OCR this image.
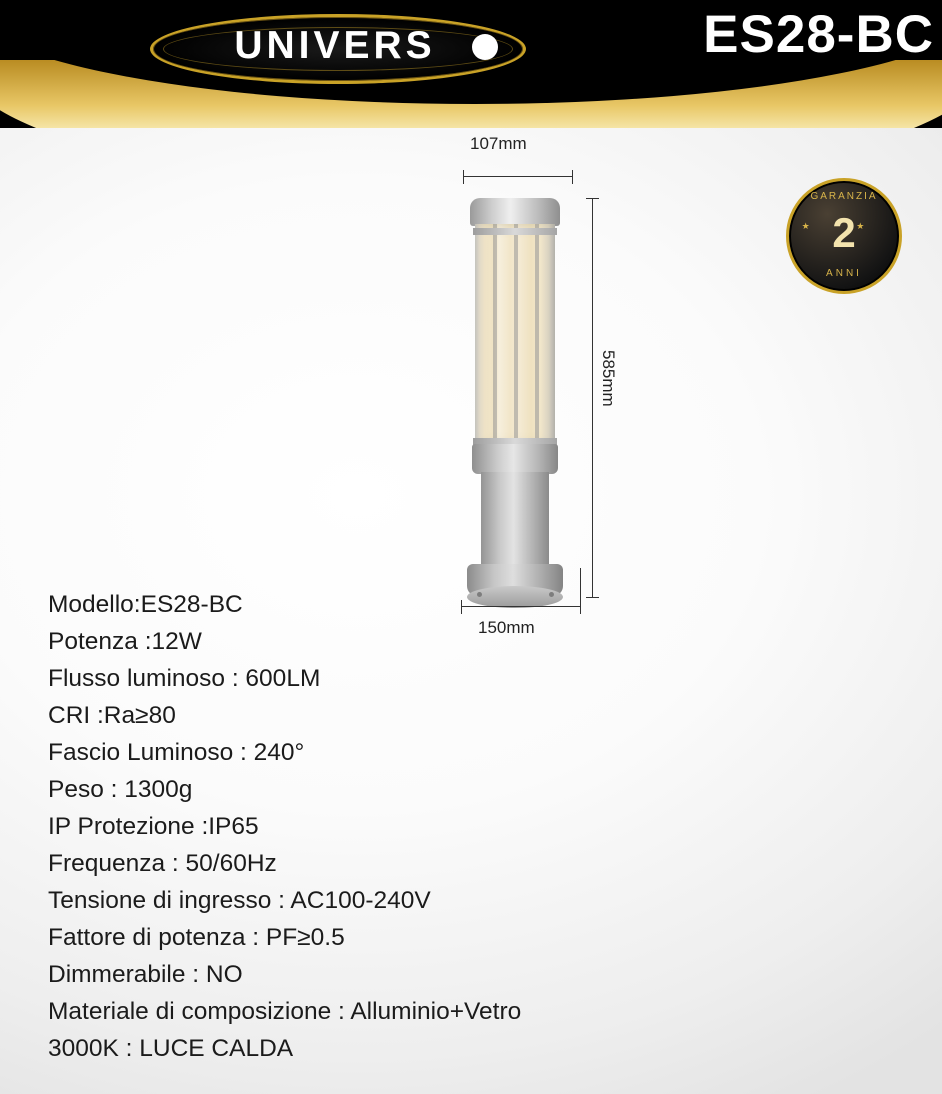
UNIVERS	ES28-BC
GARANZIA
★ ★
2
ANNI
107mm
585mm
150mm
Modello:ES28-BC
Potenza :12W
Flusso luminoso : 600LM
CRI :Ra≥80
Fascio Luminoso : 240°
Peso : 1300g
IP Protezione :IP65
Frequenza : 50/60Hz
Tensione di ingresso : AC100-240V
Fattore di potenza : PF≥0.5
Dimmerabile : NO
Materiale di composizione : Alluminio+Vetro
3000K : LUCE CALDA
